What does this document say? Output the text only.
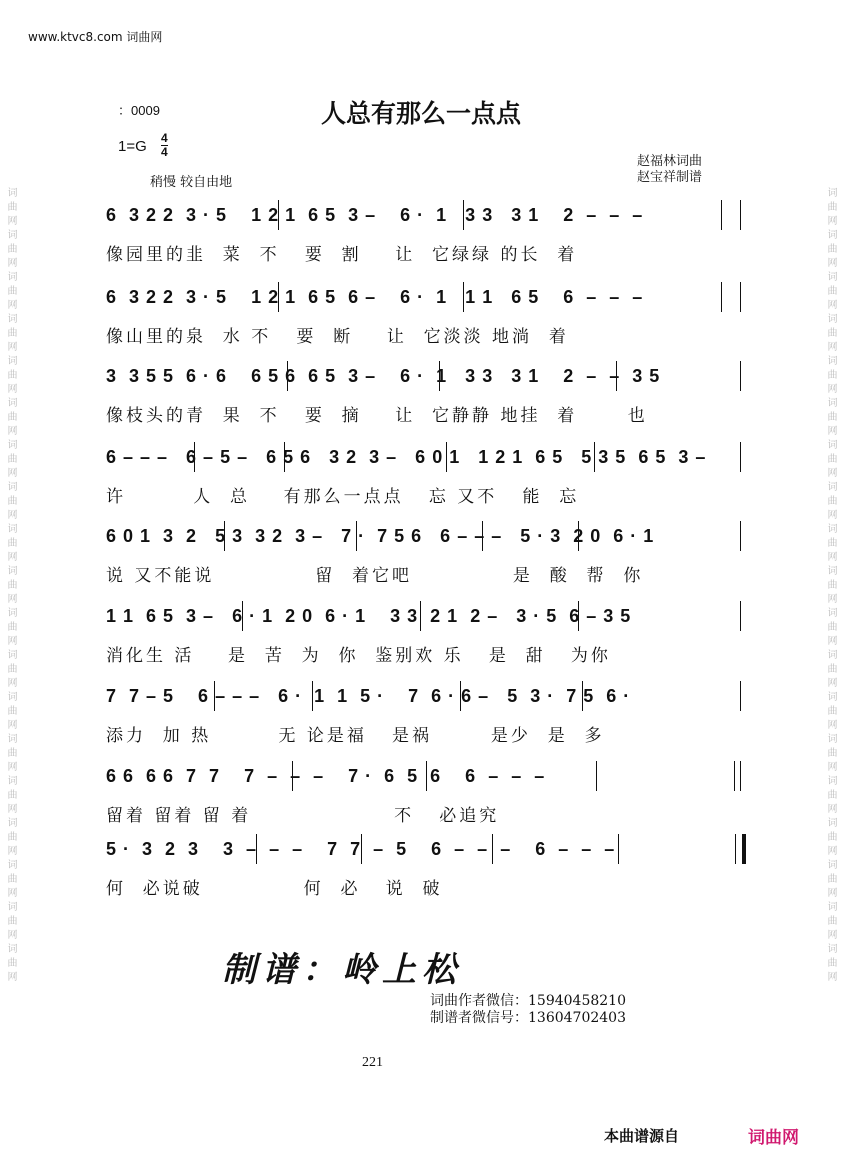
词曲网词曲网词曲网词曲网词曲网词曲网词曲网词曲网词曲网词曲网词曲网词曲网词曲网词曲网词曲网词曲网词曲网词曲网词曲网	词曲网词曲网词曲网词曲网词曲网词曲网词曲网词曲网词曲网词曲网词曲网词曲网词曲网词曲网词曲网词曲网词曲网词曲网词曲网
www.ktvc8.com 词曲网
：0009	人总有那么一点点
1=G 4
4
稍慢 较自由地
赵福林词曲
赵宝祥制谱
6  3 2 2  3 · 5    1 2 1  6 5  3 –    6 ·  1   3 3   3 1    2  –  –  –
像园里的韭  菜  不   要  割    让  它绿绿 的长  着
6  3 2 2  3 · 5    1 2 1  6 5  6 –    6 ·  1   1 1   6 5    6  –  –  –
像山里的泉  水 不   要  断    让  它淡淡 地淌  着
3  3 5 5  6 · 6    6 5 6  6 5  3 –    6 ·  1   3 3   3 1    2  –  –  3 5
像枝头的青  果  不   要  摘    让  它静静 地挂  着      也
6 – – –   6 – 5 –   6 5 6   3 2  3 –   6 0 1   1 2 1  6 5   5 3 5  6 5  3 –
许        人  总    有那么一点点   忘 又不   能  忘
6 0 1  3  2   5 3  3 2  3 –   7 ·  7 5 6   6 – – –   5 · 3  2 0  6 · 1
说 又不能说            留  着它吧            是  酸  帮  你
1 1  6 5  3 –   6 · 1  2 0  6 · 1    3 3  2 1  2 –   3 · 5  6 – 3 5
消化生 活    是  苦  为  你  鉴别欢 乐   是  甜   为你
7  7 – 5    6 – – –   6 ·  1  1  5 ·    7  6 · 6 –   5  3 ·  7 5  6 ·
添力  加 热        无 论是福   是祸       是少  是  多
6 6  6 6  7  7    7  –  –  –    7 ·  6  5  6    6  –  –  –
留着 留着 留 着                 不   必追究
5 ·  3  2  3    3  –  –  –    7  7  –  5    6  –  –  –    6  –  –  –
何  必说破            何  必   说  破
制谱：岭上松
词曲作者微信：15940458210
制谱者微信号：13604702403
221
本曲谱源自	词曲网
